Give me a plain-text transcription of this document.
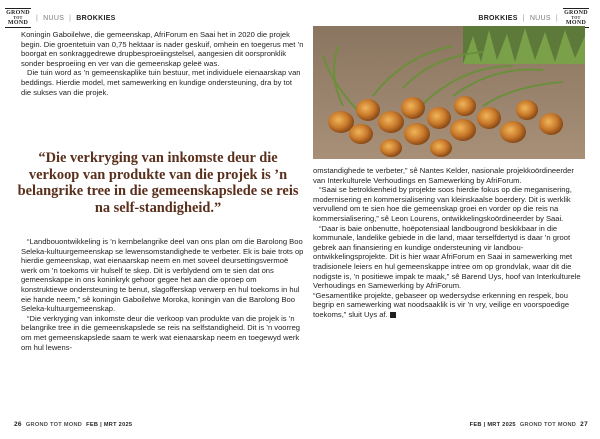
GROND
TOT
MOND
| NUUS | BROKKIES	BROKKIES | NUUS |
GROND
TOT
MOND

Koningin Gaboilelwe, die gemeenskap, AfriForum en Saai het in 2020 die projek begin. Die groentetuin van 0,75 hektaar is nader geskuif, omhein en toegerus met ’n boorgat en sonkraggedrewe drupbesproeiingstelsel, aangesien dit oorspronklik sonder besproeiing en ver van die gemeenskap geleë was.

Die tuin word as ’n gemeenskaplike tuin bestuur, met individuele eienaarskap van beddings. Hierdie model, met samewerking en kundige ondersteuning, dra by tot die sukses van die projek.

“Die verkryging van inkomste deur die verkoop van produkte van die projek is ’n belangrike tree in die gemeenskapslede se reis na self-standigheid.”

“Landbouontwikkeling is ’n kernbelangrike deel van ons plan om die Barolong Boo Seleka-kultuurgemeenskap se lewensomstandighede te verbeter. Ek is baie trots op hierdie gemeenskap, wat eienaarskap neem en met soveel deursettingsvermoë werk om ’n toekoms vir hulself te skep. Dit is verblydend om te sien dat ons gemeenskappe in ons koninkryk gehoor gegee het aan die oproep om konstruktiewe ondersteuning te benut, slagofferskap verwerp en hul toekoms in hul eie hande neem,” sê koningin Gaboilelwe Moroka, koningin van die Barolong Boo Seleka-kultuurgemeenskap.

“Die verkryging van inkomste deur die verkoop van produkte van die projek is ’n belangrike tree in die gemeenskapslede se reis na selfstandigheid. Dit is ’n voorreg om met gemeenskapslede saam te werk wat eienaarskap neem en toegewyd werk om hul lewens-

omstandighede te verbeter,” sê Nantes Kelder, nasionale projekkoördineerder van Interkulturele Verhoudings en Samewerking by AfriForum.

“Saai se betrokkenheid by projekte soos hierdie fokus op die meganisering, modernisering en kommersialisering van kleinskaalse boerdery. Dit is werklik vervullend om te sien hoe die gemeenskap groei en vorder op die reis na kommersialisering,” sê Leon Lourens, ontwikkelingskoördineerder by Saai.

“Daar is baie onbenutte, hoëpotensiaal landbougrond beskikbaar in die kommunale, landelike gebiede in die land, maar terselfdertyd is daar ’n groot gebrek aan finansiering en kundige ondersteuning vir landbou-ontwikkelingsprojekte. Dit is hier waar AfriForum en Saai in samewerking met tradisionele leiers en hul gemeenskappe intree om op grondvlak, waar dit die nodigste is, ’n positiewe impak te maak,” sê Barend Uys, hoof van Interkulturele Verhoudings en Samewerking by AfriForum.

“Gesamentlike projekte, gebaseer op wedersydse erkenning en respek, bou begrip en samewerking wat noodsaaklik is vir ’n vry, veilige en voorspoedige toekoms,” sluit Uys af.

26 GROND TOT MOND FEB | MRT 2025	FEB | MRT 2025 GROND TOT MOND 27
